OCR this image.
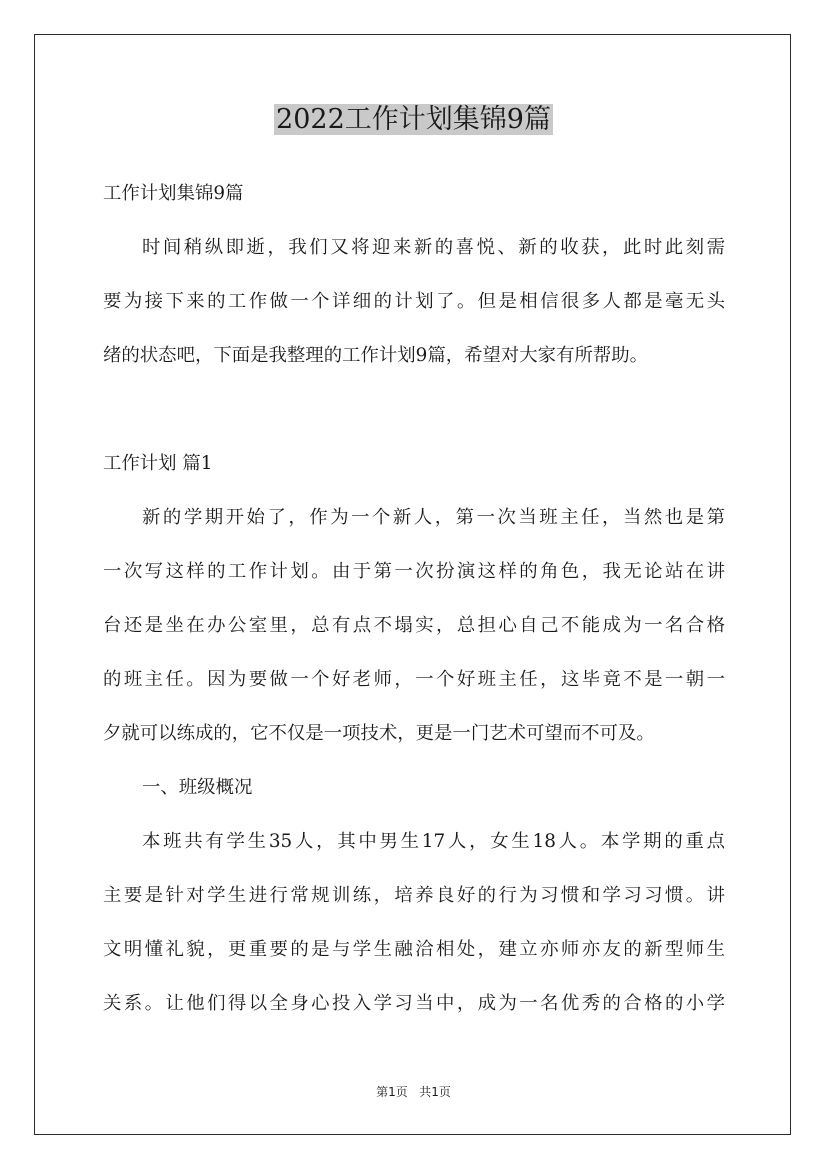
2022工作计划集锦9篇
工作计划集锦9篇
时间稍纵即逝，我们又将迎来新的喜悦、新的收获，此时此刻需
要为接下来的工作做一个详细的计划了。但是相信很多人都是毫无头
绪的状态吧，下面是我整理的工作计划9篇，希望对大家有所帮助。
工作计划 篇1
新的学期开始了，作为一个新人，第一次当班主任，当然也是第
一次写这样的工作计划。由于第一次扮演这样的角色，我无论站在讲
台还是坐在办公室里，总有点不塌实，总担心自己不能成为一名合格
的班主任。因为要做一个好老师，一个好班主任，这毕竟不是一朝一
夕就可以练成的，它不仅是一项技术，更是一门艺术可望而不可及。
一、班级概况
本班共有学生35人，其中男生17人，女生18人。本学期的重点
主要是针对学生进行常规训练，培养良好的行为习惯和学习习惯。讲
文明懂礼貌，更重要的是与学生融洽相处，建立亦师亦友的新型师生
关系。让他们得以全身心投入学习当中，成为一名优秀的合格的小学
第1页 共1页
